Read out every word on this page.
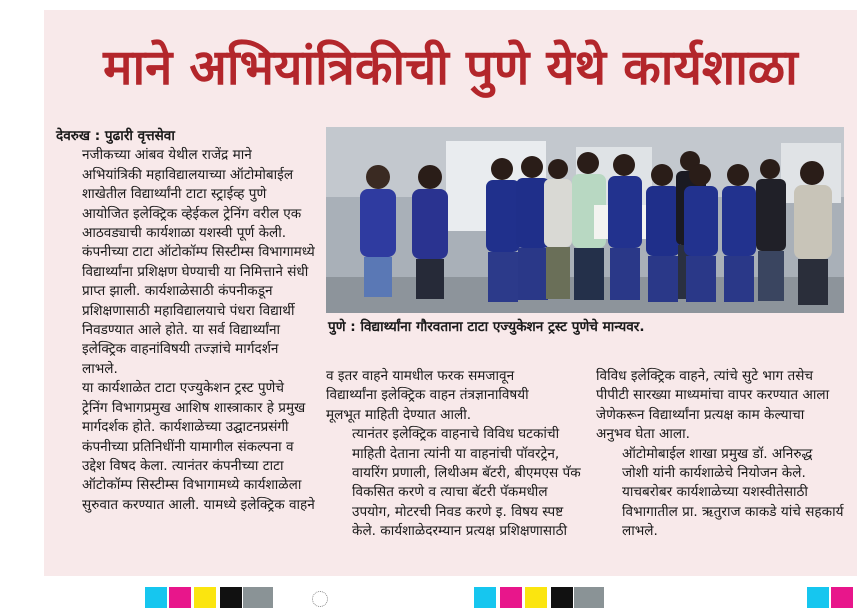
माने अभियांत्रिकीची पुणे येथे कार्यशाळा
देवरुख : पुढारी वृत्तसेवा
नजीकच्या आंबव येथील राजेंद्र माने
अभियांत्रिकी महाविद्यालयाच्या ऑटोमोबाईल
शाखेतील विद्यार्थ्यांनी टाटा स्ट्राईव्ह पुणे
आयोजित इलेक्ट्रिक व्हेईकल ट्रेनिंग वरील एक
आठवड्याची कार्यशाळा यशस्वी पूर्ण केली.
कंपनीच्या टाटा ऑटोकॉम्प सिस्टीम्स विभागामध्ये
विद्यार्थ्यांना प्रशिक्षण घेण्याची या निमित्ताने संधी
प्राप्त झाली. कार्यशाळेसाठी कंपनीकडून
प्रशिक्षणासाठी महाविद्यालयाचे पंधरा विद्यार्थी
निवडण्यात आले होते. या सर्व विद्यार्थ्यांना
इलेक्ट्रिक वाहनांविषयी तज्ज्ञांचे मार्गदर्शन
लाभले.
या कार्यशाळेत टाटा एज्युकेशन ट्रस्ट पुणेचे
ट्रेनिंग विभागप्रमुख आशिष शास्त्राकार हे प्रमुख
मार्गदर्शक होते. कार्यशाळेच्या उद्घाटनप्रसंगी
कंपनीच्या प्रतिनिधींनी यामागील संकल्पना व
उद्देश विषद केला. त्यानंतर कंपनीच्या टाटा
ऑटोकॉम्प सिस्टीम्स विभागामध्ये कार्यशाळेला
सुरुवात करण्यात आली. यामध्ये इलेक्ट्रिक वाहने
पुणे : विद्यार्थ्यांना गौरवताना टाटा एज्युकेशन ट्रस्ट पुणेचे मान्यवर.
व इतर वाहने यामधील फरक समजावून
विद्यार्थ्यांना इलेक्ट्रिक वाहन तंत्रज्ञानाविषयी
मूलभूत माहिती देण्यात आली.
त्यानंतर इलेक्ट्रिक वाहनाचे विविध घटकांची
माहिती देताना त्यांनी या वाहनांची पॉवरट्रेन,
वायरिंग प्रणाली, लिथीअम बॅटरी, बीएमएस पॅक
विकसित करणे व त्याचा बॅटरी पॅकमधील
उपयोग, मोटरची निवड करणे इ. विषय स्पष्ट
केले. कार्यशाळेदरम्यान प्रत्यक्ष प्रशिक्षणासाठी
विविध इलेक्ट्रिक वाहने, त्यांचे सुटे भाग तसेच
पीपीटी सारख्या माध्यमांचा वापर करण्यात आला
जेणेकरून विद्यार्थ्यांना प्रत्यक्ष काम केल्याचा
अनुभव घेता आला.
ऑटोमोबाईल शाखा प्रमुख डॉ. अनिरुद्ध
जोशी यांनी कार्यशाळेचे नियोजन केले.
याचबरोबर कार्यशाळेच्या यशस्वीतेसाठी
विभागातील प्रा. ऋतुराज काकडे यांचे सहकार्य
लाभले.
